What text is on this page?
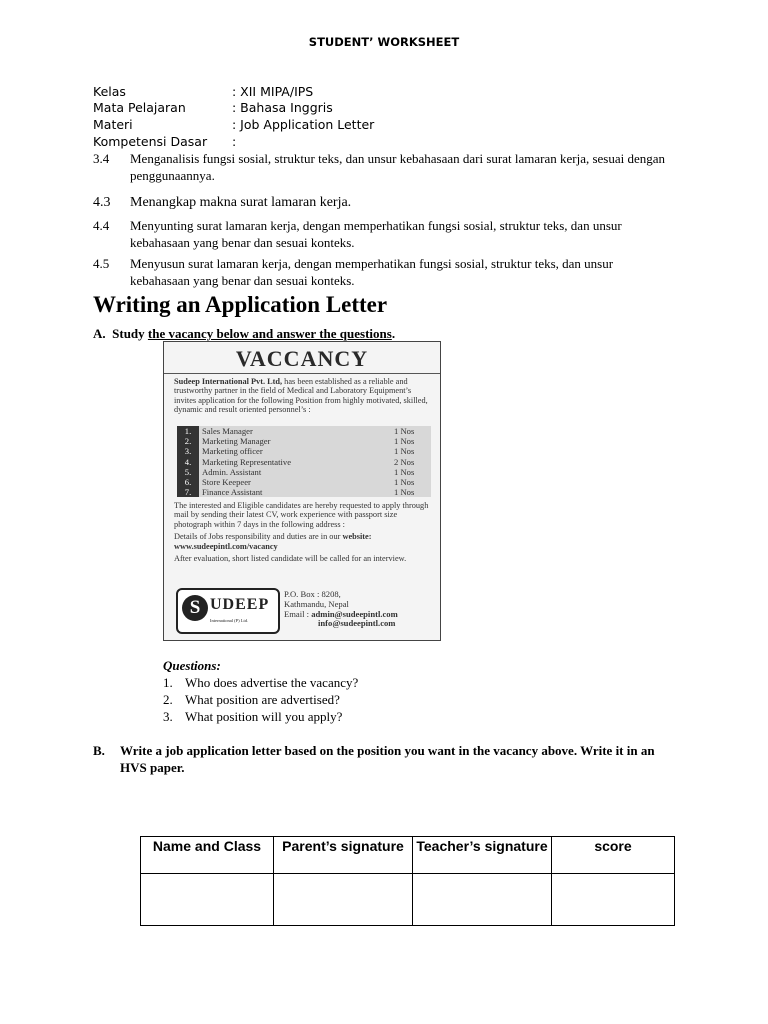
STUDENT’ WORKSHEET
Kelas	: XII MIPA/IPS
Mata Pelajaran	: Bahasa Inggris
Materi	: Job Application Letter
Kompetensi Dasar :
3.4 Menganalisis fungsi sosial, struktur teks, dan unsur kebahasaan dari surat lamaran kerja, sesuai dengan penggunaannya.
4.3 Menangkap makna surat lamaran kerja.
4.4 Menyunting surat lamaran kerja, dengan memperhatikan fungsi sosial, struktur teks, dan unsur kebahasaan yang benar dan sesuai konteks.
4.5 Menyusun surat lamaran kerja, dengan memperhatikan fungsi sosial, struktur teks, dan unsur kebahasaan yang benar dan sesuai konteks.
Writing an Application Letter
A. Study the vacancy below and answer the questions.
VACCANCY
Sudeep International Pvt. Ltd, has been established as a reliable and trustworthy partner in the field of Medical and Laboratory Equipment’s invites application for the following Position from highly motivated, skilled, dynamic and result oriented personnel’s :
1.	Sales Manager	1 Nos
2.	Marketing Manager	1 Nos
3.	Marketing officer	1 Nos
4.	Marketing Representative	2 Nos
5.	Admin. Assistant	1 Nos
6.	Store Keepeer	1 Nos
7.	Finance Assistant	1 Nos
The interested and Eligible candidates are hereby requested to apply through mail by sending their latest CV, work experience with passport size photograph within 7 days in the following address :
Details of Jobs responsibility and duties are in our website:
www.sudeepintl.com/vacancy
After evaluation, short listed candidate will be called for an interview.
S UDEEP
International (P) Ltd.
P.O. Box : 8208,
Kathmandu, Nepal
Email : admin@sudeepintl.com
info@sudeepintl.com
Questions:
1. Who does advertise the vacancy?
2. What position are advertised?
3. What position will you apply?
B. Write a job application letter based on the position you want in the vacancy above. Write it in an HVS paper.
Name and Class	Parent’s signature	Teacher’s signature	score
